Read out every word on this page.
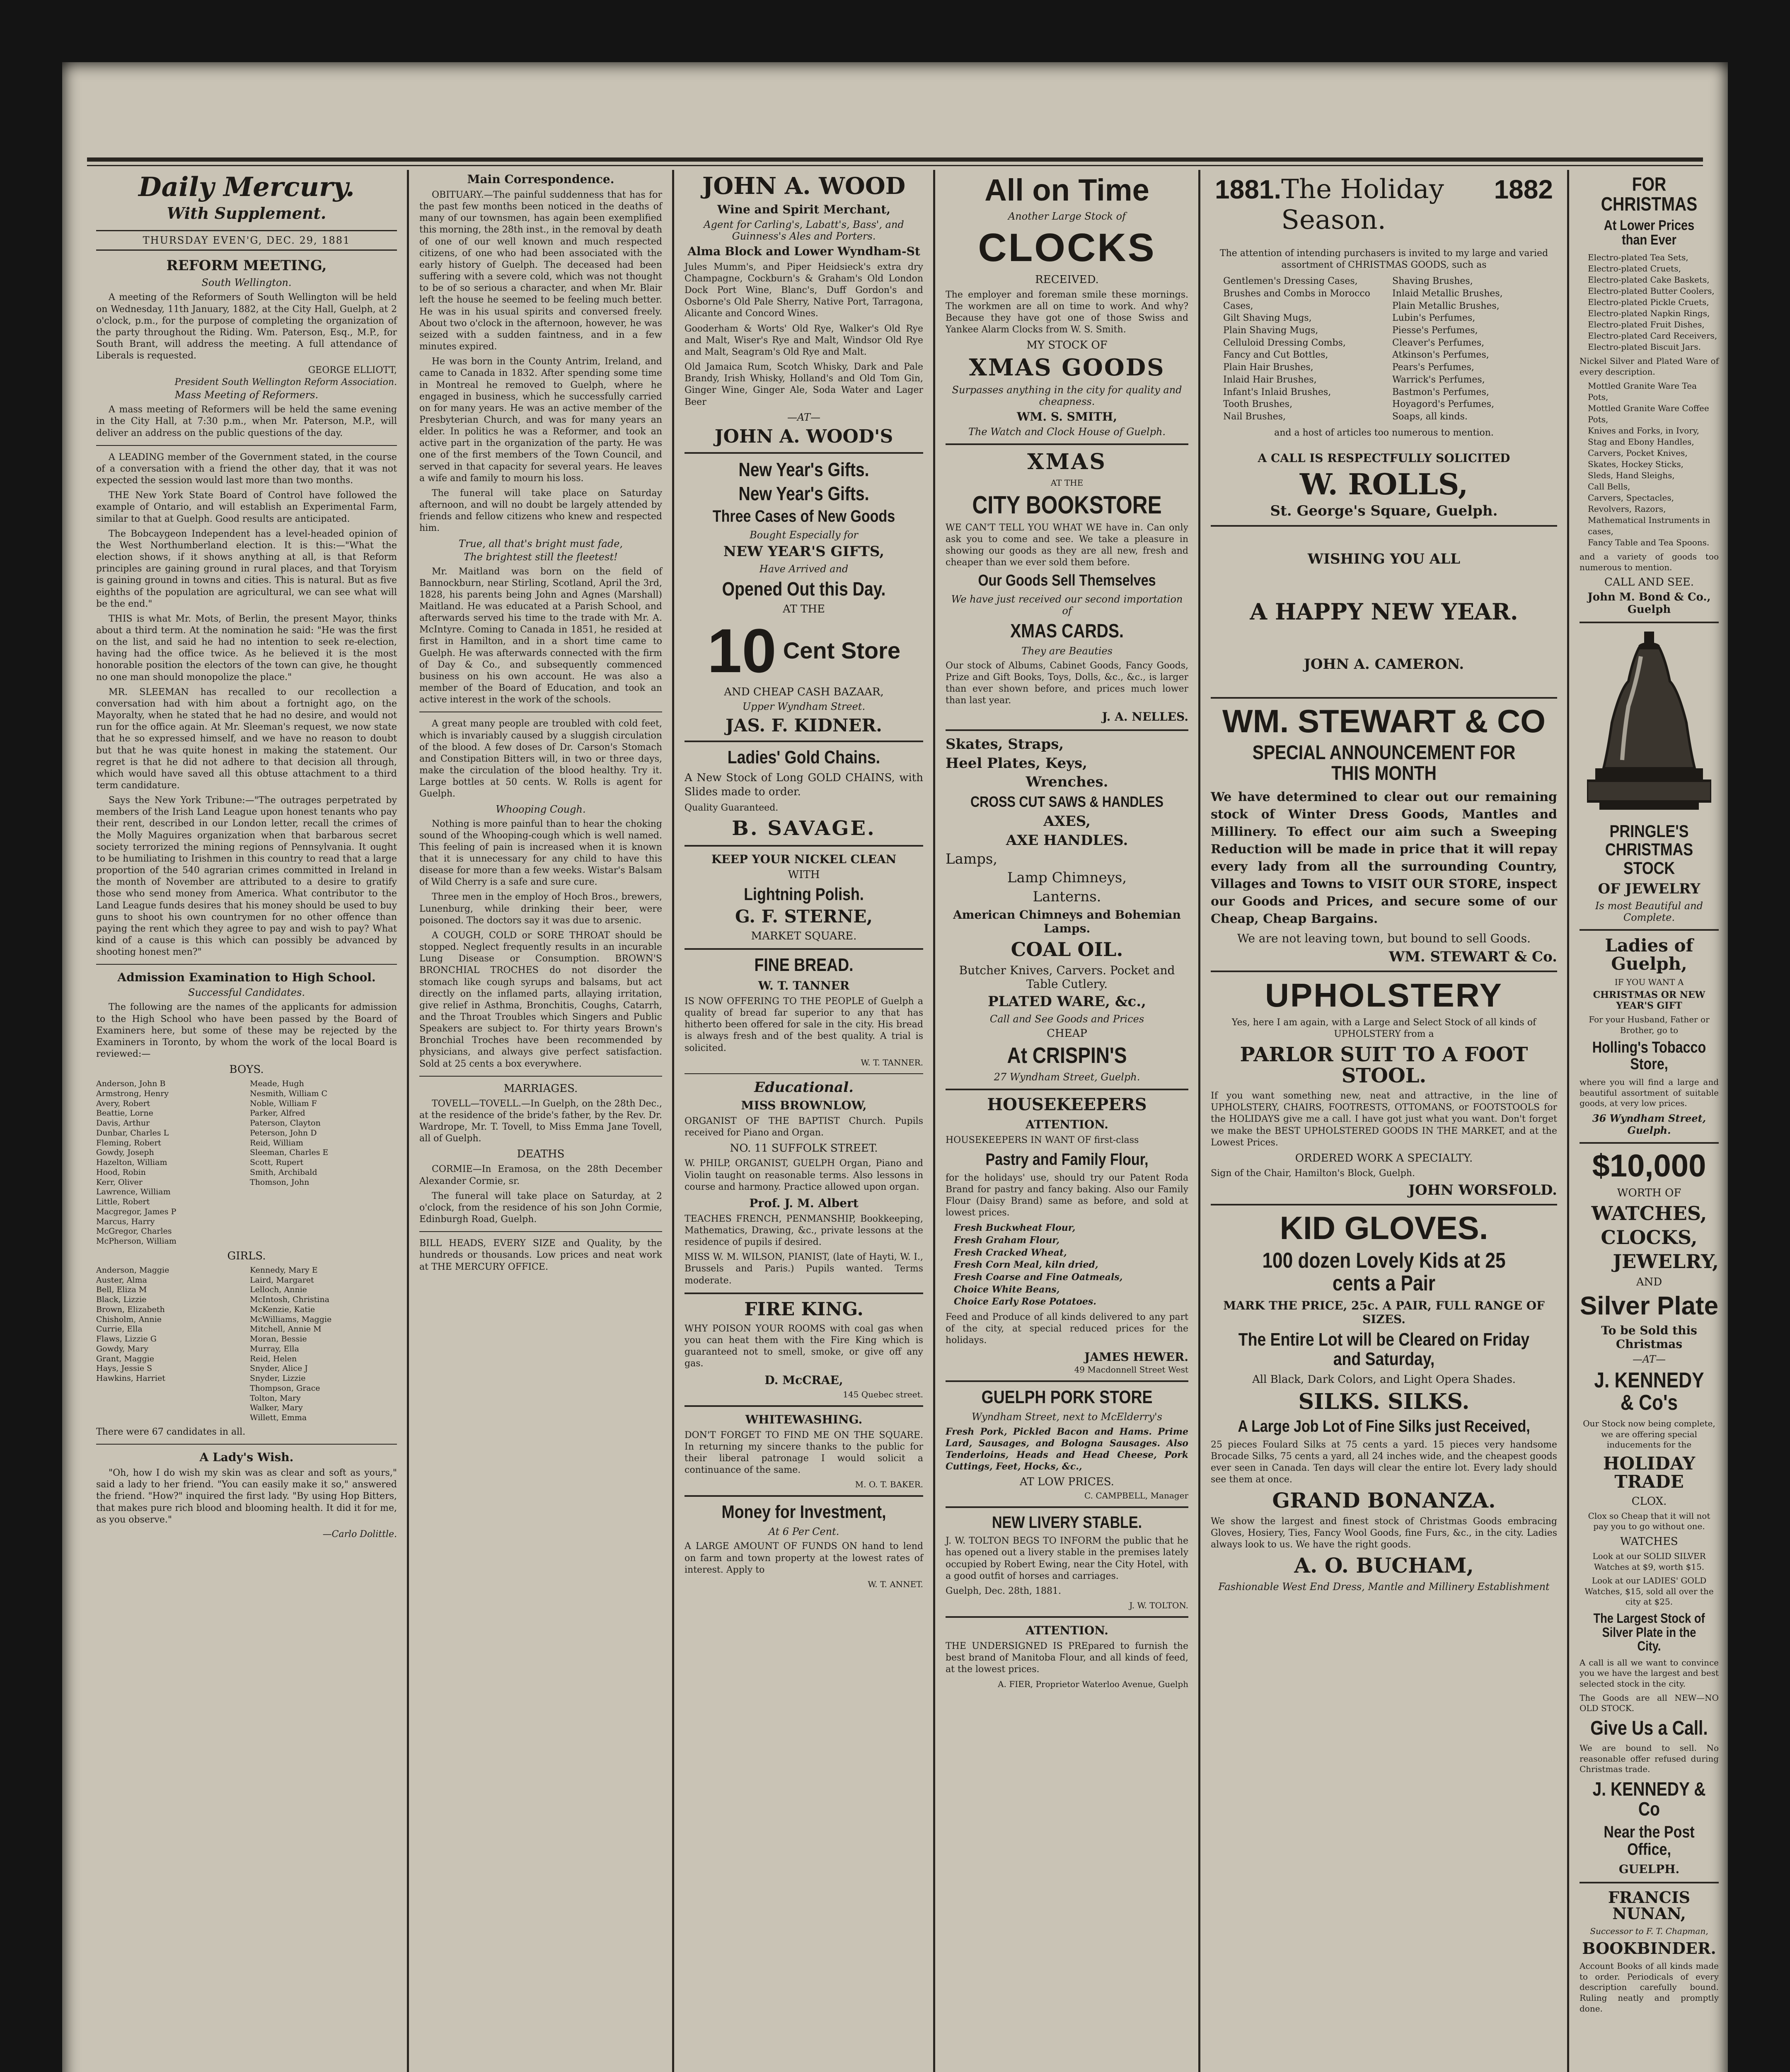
Daily Mercury.
With Supplement.
THURSDAY EVEN'G, DEC. 29, 1881
REFORM MEETING,
South Wellington.
A meeting of the Reformers of South Wellington will be held on Wednesday, 11th January, 1882, at the City Hall, Guelph, at 2 o'clock, p.m., for the purpose of completing the organization of the party throughout the Riding. Wm. Paterson, Esq., M.P., for South Brant, will address the meeting. A full attendance of Liberals is requested.
GEORGE ELLIOTT,
President South Wellington Reform Association.
Mass Meeting of Reformers.
A mass meeting of Reformers will be held the same evening in the City Hall, at 7:30 p.m., when Mr. Paterson, M.P., will deliver an address on the public questions of the day.
A LEADING member of the Government stated, in the course of a conversation with a friend the other day, that it was not expected the session would last more than two months.
THE New York State Board of Control have followed the example of Ontario, and will establish an Experimental Farm, similar to that at Guelph. Good results are anticipated.
The Bobcaygeon Independent has a level-headed opinion of the West Northumberland election. It is this:—"What the election shows, if it shows anything at all, is that Reform principles are gaining ground in rural places, and that Toryism is gaining ground in towns and cities. This is natural. But as five eighths of the population are agricultural, we can see what will be the end."
THIS is what Mr. Mots, of Berlin, the present Mayor, thinks about a third term. At the nomination he said: "He was the first on the list, and said he had no intention to seek re-election, having had the office twice. As he believed it is the most honorable position the electors of the town can give, he thought no one man should monopolize the place."
MR. SLEEMAN has recalled to our recollection a conversation had with him about a fortnight ago, on the Mayoralty, when he stated that he had no desire, and would not run for the office again. At Mr. Sleeman's request, we now state that he so expressed himself, and we have no reason to doubt but that he was quite honest in making the statement. Our regret is that he did not adhere to that decision all through, which would have saved all this obtuse attachment to a third term candidature.
Says the New York Tribune:—"The outrages perpetrated by members of the Irish Land League upon honest tenants who pay their rent, described in our London letter, recall the crimes of the Molly Maguires organization when that barbarous secret society terrorized the mining regions of Pennsylvania. It ought to be humiliating to Irishmen in this country to read that a large proportion of the 540 agrarian crimes committed in Ireland in the month of November are attributed to a desire to gratify those who send money from America. What contributor to the Land League funds desires that his money should be used to buy guns to shoot his own countrymen for no other offence than paying the rent which they agree to pay and wish to pay? What kind of a cause is this which can possibly be advanced by shooting honest men?"
Admission Examination to High School.
Successful Candidates.
The following are the names of the applicants for admission to the High School who have been passed by the Board of Examiners here, but some of these may be rejected by the Examiners in Toronto, by whom the work of the local Board is reviewed:—
BOYS.
Anderson, John B
Armstrong, Henry
Avery, Robert
Beattie, Lorne
Davis, Arthur
Dunbar, Charles L
Fleming, Robert
Gowdy, Joseph
Hazelton, William
Hood, Robin
Kerr, Oliver
Lawrence, William
Little, Robert
Macgregor, James P
Marcus, Harry
McGregor, Charles
McPherson, William
Meade, Hugh
Nesmith, William C
Noble, William F
Parker, Alfred
Paterson, Clayton
Peterson, John D
Reid, William
Sleeman, Charles E
Scott, Rupert
Smith, Archibald
Thomson, John
GIRLS.
Anderson, Maggie
Auster, Alma
Bell, Eliza M
Black, Lizzie
Brown, Elizabeth
Chisholm, Annie
Currie, Ella
Flaws, Lizzie G
Gowdy, Mary
Grant, Maggie
Hays, Jessie S
Hawkins, Harriet
Kennedy, Mary E
Laird, Margaret
Lelloch, Annie
McIntosh, Christina
McKenzie, Katie
McWilliams, Maggie
Mitchell, Annie M
Moran, Bessie
Murray, Ella
Reid, Helen
Snyder, Alice J
Snyder, Lizzie
Thompson, Grace
Tolton, Mary
Walker, Mary
Willett, Emma
There were 67 candidates in all.
A Lady's Wish.
"Oh, how I do wish my skin was as clear and soft as yours," said a lady to her friend. "You can easily make it so," answered the friend. "How?" inquired the first lady. "By using Hop Bitters, that makes pure rich blood and blooming health. It did it for me, as you observe."
—Carlo Dolittle.
Main Correspondence.
OBITUARY.—The painful suddenness that has for the past few months been noticed in the deaths of many of our townsmen, has again been exemplified this morning, the 28th inst., in the removal by death of one of our well known and much respected citizens, of one who had been associated with the early history of Guelph. The deceased had been suffering with a severe cold, which was not thought to be of so serious a character, and when Mr. Blair left the house he seemed to be feeling much better. He was in his usual spirits and conversed freely. About two o'clock in the afternoon, however, he was seized with a sudden faintness, and in a few minutes expired.
He was born in the County Antrim, Ireland, and came to Canada in 1832. After spending some time in Montreal he removed to Guelph, where he engaged in business, which he successfully carried on for many years. He was an active member of the Presbyterian Church, and was for many years an elder. In politics he was a Reformer, and took an active part in the organization of the party. He was one of the first members of the Town Council, and served in that capacity for several years. He leaves a wife and family to mourn his loss.
The funeral will take place on Saturday afternoon, and will no doubt be largely attended by friends and fellow citizens who knew and respected him.
True, all that's bright must fade,
The brightest still the fleetest!
Mr. Maitland was born on the field of Bannockburn, near Stirling, Scotland, April the 3rd, 1828, his parents being John and Agnes (Marshall) Maitland. He was educated at a Parish School, and afterwards served his time to the trade with Mr. A. McIntyre. Coming to Canada in 1851, he resided at first in Hamilton, and in a short time came to Guelph. He was afterwards connected with the firm of Day & Co., and subsequently commenced business on his own account. He was also a member of the Board of Education, and took an active interest in the work of the schools.
A great many people are troubled with cold feet, which is invariably caused by a sluggish circulation of the blood. A few doses of Dr. Carson's Stomach and Constipation Bitters will, in two or three days, make the circulation of the blood healthy. Try it. Large bottles at 50 cents. W. Rolls is agent for Guelph.
Whooping Cough.
Nothing is more painful than to hear the choking sound of the Whooping-cough which is well named. This feeling of pain is increased when it is known that it is unnecessary for any child to have this disease for more than a few weeks. Wistar's Balsam of Wild Cherry is a safe and sure cure.
Three men in the employ of Hoch Bros., brewers, Lunenburg, while drinking their beer, were poisoned. The doctors say it was due to arsenic.
A COUGH, COLD or SORE THROAT should be stopped. Neglect frequently results in an incurable Lung Disease or Consumption. BROWN'S BRONCHIAL TROCHES do not disorder the stomach like cough syrups and balsams, but act directly on the inflamed parts, allaying irritation, give relief in Asthma, Bronchitis, Coughs, Catarrh, and the Throat Troubles which Singers and Public Speakers are subject to. For thirty years Brown's Bronchial Troches have been recommended by physicians, and always give perfect satisfaction. Sold at 25 cents a box everywhere.
MARRIAGES.
TOVELL—TOVELL.—In Guelph, on the 28th Dec., at the residence of the bride's father, by the Rev. Dr. Wardrope, Mr. T. Tovell, to Miss Emma Jane Tovell, all of Guelph.
DEATHS
CORMIE—In Eramosa, on the 28th December Alexander Cormie, sr.
The funeral will take place on Saturday, at 2 o'clock, from the residence of his son John Cormie, Edinburgh Road, Guelph.
BILL HEADS, EVERY SIZE and Quality, by the hundreds or thousands. Low prices and neat work at THE MERCURY OFFICE.
JOHN A. WOOD
Wine and Spirit Merchant,
Agent for Carling's, Labatt's, Bass', and Guinness's Ales and Porters.
Alma Block and Lower Wyndham-St
Jules Mumm's, and Piper Heidsieck's extra dry Champagne, Cockburn's & Graham's Old London Dock Port Wine, Blanc's, Duff Gordon's and Osborne's Old Pale Sherry, Native Port, Tarragona, Alicante and Concord Wines.
Gooderham & Worts' Old Rye, Walker's Old Rye and Malt, Wiser's Rye and Malt, Windsor Old Rye and Malt, Seagram's Old Rye and Malt.
Old Jamaica Rum, Scotch Whisky, Dark and Pale Brandy, Irish Whisky, Holland's and Old Tom Gin, Ginger Wine, Ginger Ale, Soda Water and Lager Beer
—AT—
JOHN A. WOOD'S
New Year's Gifts.
New Year's Gifts.
Three Cases of New Goods
Bought Especially for
NEW YEAR'S GIFTS,
Have Arrived and
Opened Out this Day.
AT THE
10 Cent Store
AND CHEAP CASH BAZAAR,
Upper Wyndham Street.
JAS. F. KIDNER.
Ladies' Gold Chains.
A New Stock of Long GOLD CHAINS, with Slides made to order.
Quality Guaranteed.
B. SAVAGE.
KEEP YOUR NICKEL CLEAN
WITH
Lightning Polish.
G. F. STERNE,
MARKET SQUARE.
FINE BREAD.
W. T. TANNER
IS NOW OFFERING TO THE PEOPLE of Guelph a quality of bread far superior to any that has hitherto been offered for sale in the city. His bread is always fresh and of the best quality. A trial is solicited.
W. T. TANNER.
Educational.
MISS BROWNLOW,
ORGANIST OF THE BAPTIST Church. Pupils received for Piano and Organ.
NO. 11 SUFFOLK STREET.
W. PHILP, ORGANIST, GUELPH Organ, Piano and Violin taught on reasonable terms. Also lessons in course and harmony. Practice allowed upon organ.
Prof. J. M. Albert
TEACHES FRENCH, PENMANSHIP, Bookkeeping, Mathematics, Drawing, &c., private lessons at the residence of pupils if desired.
MISS W. M. WILSON, PIANIST, (late of Hayti, W. I., Brussels and Paris.) Pupils wanted. Terms moderate.
FIRE KING.
WHY POISON YOUR ROOMS with coal gas when you can heat them with the Fire King which is guaranteed not to smell, smoke, or give off any gas.
D. McCRAE,
145 Quebec street.
WHITEWASHING.
DON'T FORGET TO FIND ME ON THE SQUARE. In returning my sincere thanks to the public for their liberal patronage I would solicit a continuance of the same.
M. O. T. BAKER.
Money for Investment,
At 6 Per Cent.
A LARGE AMOUNT OF FUNDS ON hand to lend on farm and town property at the lowest rates of interest. Apply to
W. T. ANNET.
All on Time
Another Large Stock of
CLOCKS
RECEIVED.
The employer and foreman smile these mornings. The workmen are all on time to work. And why? Because they have got one of those Swiss and Yankee Alarm Clocks from W. S. Smith.
MY STOCK OF
XMAS GOODS
Surpasses anything in the city for quality and cheapness.
WM. S. SMITH,
The Watch and Clock House of Guelph.
XMAS
AT THE
CITY BOOKSTORE
WE CAN'T TELL YOU WHAT WE have in. Can only ask you to come and see. We take a pleasure in showing our goods as they are all new, fresh and cheaper than we ever sold them before.
Our Goods Sell Themselves
We have just received our second importation of
XMAS CARDS.
They are Beauties
Our stock of Albums, Cabinet Goods, Fancy Goods, Prize and Gift Books, Toys, Dolls, &c., &c., is larger than ever shown before, and prices much lower than last year.
J. A. NELLES.
Skates, Straps,
Heel Plates, Keys,
Wrenches.
CROSS CUT SAWS & HANDLES
AXES,
AXE HANDLES.
Lamps,
Lamp Chimneys,
Lanterns.
American Chimneys and Bohemian Lamps.
COAL OIL.
Butcher Knives, Carvers. Pocket and Table Cutlery.
PLATED WARE, &c.,
Call and See Goods and Prices
CHEAP
At CRISPIN'S
27 Wyndham Street, Guelph.
HOUSEKEEPERS
ATTENTION.
HOUSEKEEPERS IN WANT OF first-class
Pastry and Family Flour,
for the holidays' use, should try our Patent Roda Brand for pastry and fancy baking. Also our Family Flour (Daisy Brand) same as before, and sold at lowest prices.
Fresh Buckwheat Flour,
Fresh Graham Flour,
Fresh Cracked Wheat,
Fresh Corn Meal, kiln dried,
Fresh Coarse and Fine Oatmeals,
Choice White Beans,
Choice Early Rose Potatoes.
Feed and Produce of all kinds delivered to any part of the city, at special reduced prices for the holidays.
JAMES HEWER.
49 Macdonnell Street West
GUELPH PORK STORE
Wyndham Street, next to McElderry's
Fresh Pork, Pickled Bacon and Hams. Prime Lard, Sausages, and Bologna Sausages. Also Tenderloins, Heads and Head Cheese, Pork Cuttings, Feet, Hocks, &c.,
AT LOW PRICES.
C. CAMPBELL, Manager
NEW LIVERY STABLE.
J. W. TOLTON BEGS TO INFORM the public that he has opened out a livery stable in the premises lately occupied by Robert Ewing, near the City Hotel, with a good outfit of horses and carriages.
Guelph, Dec. 28th, 1881.
J. W. TOLTON.
ATTENTION.
THE UNDERSIGNED IS PREpared to furnish the best brand of Manitoba Flour, and all kinds of feed, at the lowest prices.
A. FIER, Proprietor Waterloo Avenue, Guelph
1881. The Holiday Season.
1882
The attention of intending purchasers is invited to my large and varied assortment of CHRISTMAS GOODS, such as
Gentlemen's Dressing Cases,
Brushes and Combs in Morocco Cases,
Gilt Shaving Mugs,
Plain Shaving Mugs,
Celluloid Dressing Combs,
Fancy and Cut Bottles,
Plain Hair Brushes,
Inlaid Hair Brushes,
Infant's Inlaid Brushes,
Tooth Brushes,
Nail Brushes,
Shaving Brushes,
Inlaid Metallic Brushes,
Plain Metallic Brushes,
Lubin's Perfumes,
Piesse's Perfumes,
Cleaver's Perfumes,
Atkinson's Perfumes,
Pears's Perfumes,
Warrick's Perfumes,
Bastmon's Perfumes,
Hoyagord's Perfumes,
Soaps, all kinds.
and a host of articles too numerous to mention.
A CALL IS RESPECTFULLY SOLICITED
W. ROLLS,
St. George's Square, Guelph.
WISHING YOU ALL
A HAPPY NEW YEAR.
JOHN A. CAMERON.
WM. STEWART & CO
SPECIAL ANNOUNCEMENT FOR THIS MONTH
We have determined to clear out our remaining stock of Winter Dress Goods, Mantles and Millinery. To effect our aim such a Sweeping Reduction will be made in price that it will repay every lady from all the surrounding Country, Villages and Towns to VISIT OUR STORE, inspect our Goods and Prices, and secure some of our Cheap, Cheap Bargains.
We are not leaving town, but bound to sell Goods.
WM. STEWART & Co.
UPHOLSTERY
Yes, here I am again, with a Large and Select Stock of all kinds of UPHOLSTERY from a
PARLOR SUIT TO A FOOT STOOL.
If you want something new, neat and attractive, in the line of UPHOLSTERY, CHAIRS, FOOTRESTS, OTTOMANS, or FOOTSTOOLS for the HOLIDAYS give me a call. I have got just what you want. Don't forget we make the BEST UPHOLSTERED GOODS IN THE MARKET, and at the Lowest Prices.
ORDERED WORK A SPECIALTY.
Sign of the Chair, Hamilton's Block, Guelph.
JOHN WORSFOLD.
KID GLOVES.
100 dozen Lovely Kids at 25 cents a Pair
MARK THE PRICE, 25c. A PAIR, FULL RANGE OF SIZES.
The Entire Lot will be Cleared on Friday and Saturday,
All Black, Dark Colors, and Light Opera Shades.
SILKS. SILKS.
A Large Job Lot of Fine Silks just Received,
25 pieces Foulard Silks at 75 cents a yard. 15 pieces very handsome Brocade Silks, 75 cents a yard, all 24 inches wide, and the cheapest goods ever seen in Canada. Ten days will clear the entire lot. Every lady should see them at once.
GRAND BONANZA.
We show the largest and finest stock of Christmas Goods embracing Gloves, Hosiery, Ties, Fancy Wool Goods, fine Furs, &c., in the city. Ladies always look to us. We have the right goods.
A. O. BUCHAM,
Fashionable West End Dress, Mantle and Millinery Establishment
FOR CHRISTMAS
At Lower Prices than Ever
Electro-plated Tea Sets,
Electro-plated Cruets,
Electro-plated Cake Baskets,
Electro-plated Butter Coolers,
Electro-plated Pickle Cruets,
Electro-plated Napkin Rings,
Electro-plated Fruit Dishes,
Electro-plated Card Receivers,
Electro-plated Biscuit Jars.
Nickel Silver and Plated Ware of every description.
Mottled Granite Ware Tea Pots,
Mottled Granite Ware Coffee Pots,
Knives and Forks, in Ivory, Stag and Ebony Handles,
Carvers, Pocket Knives,
Skates, Hockey Sticks,
Sleds, Hand Sleighs,
Call Bells,
Carvers, Spectacles, Revolvers, Razors,
Mathematical Instruments in cases,
Fancy Table and Tea Spoons.
and a variety of goods too numerous to mention.
CALL AND SEE.
John M. Bond & Co., Guelph
PRINGLE'S CHRISTMAS STOCK
OF JEWELRY
Is most Beautiful and Complete.
Ladies of Guelph,
IF YOU WANT A
CHRISTMAS OR NEW YEAR'S GIFT
For your Husband, Father or Brother, go to
Holling's Tobacco Store,
where you will find a large and beautiful assortment of suitable goods, at very low prices.
36 Wyndham Street, Guelph.
$10,000
WORTH OF
WATCHES,
CLOCKS,
JEWELRY,
AND
Silver Plate
To be Sold this Christmas
—AT—
J. KENNEDY & Co's
Our Stock now being complete, we are offering special inducements for the
HOLIDAY TRADE
CLOX.
Clox so Cheap that it will not pay you to go without one.
WATCHES
Look at our SOLID SILVER Watches at $9, worth $15.
Look at our LADIES' GOLD Watches, $15, sold all over the city at $25.
The Largest Stock of Silver Plate in the City.
A call is all we want to convince you we have the largest and best selected stock in the city.
The Goods are all NEW—NO OLD STOCK.
Give Us a Call.
We are bound to sell. No reasonable offer refused during Christmas trade.
J. KENNEDY & Co
Near the Post Office,
GUELPH.
FRANCIS NUNAN,
Successor to F. T. Chapman,
BOOKBINDER.
Account Books of all kinds made to order. Periodicals of every description carefully bound. Ruling neatly and promptly done.
